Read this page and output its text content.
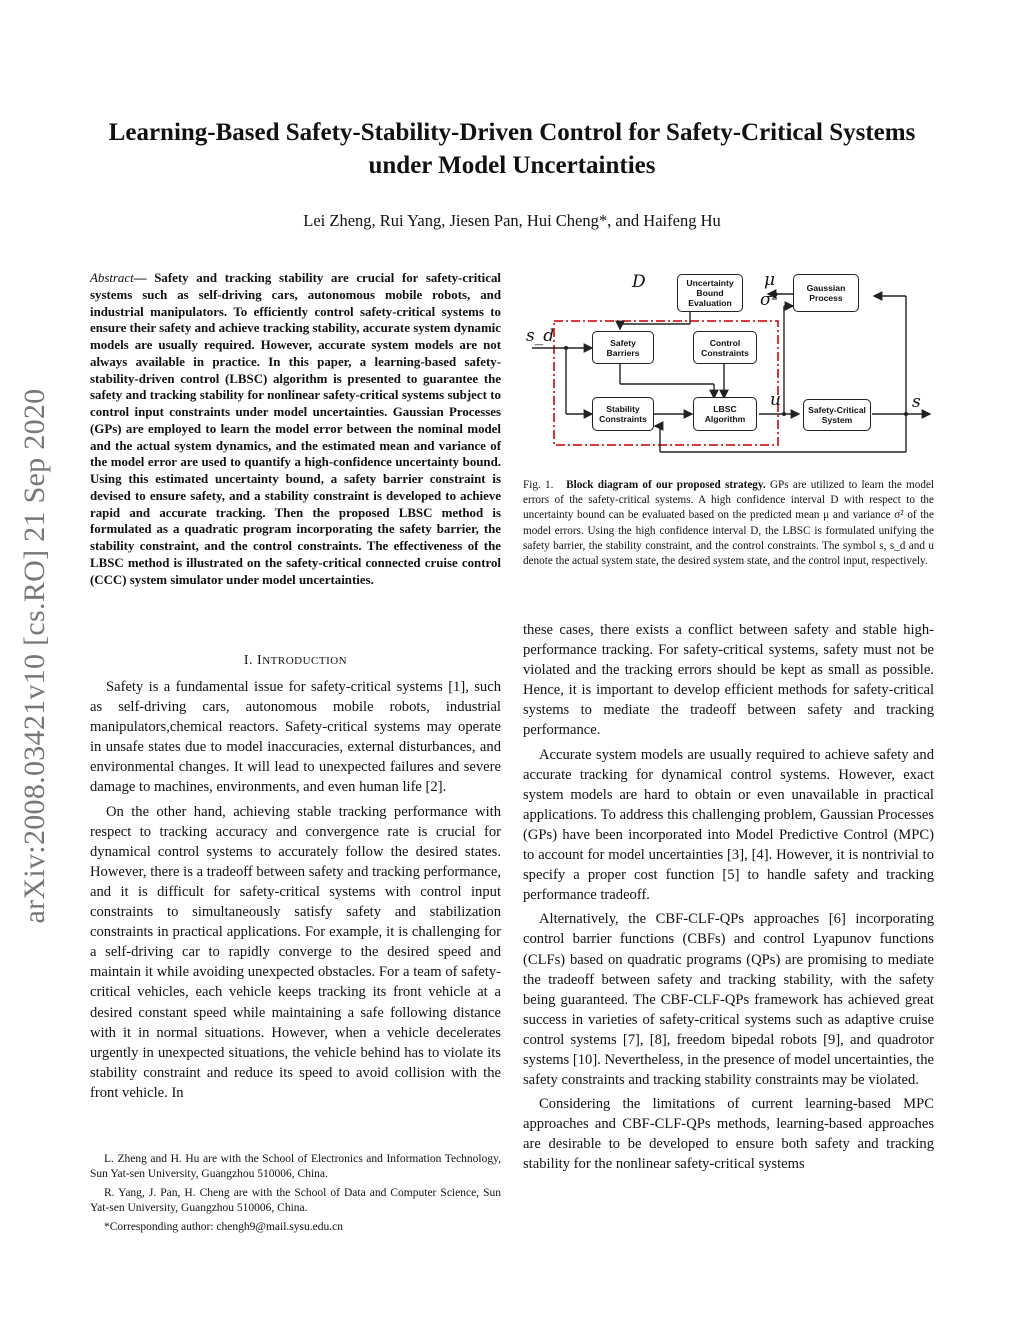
Learning-Based Safety-Stability-Driven Control for Safety-Critical Systems under Model Uncertainties
Lei Zheng, Rui Yang, Jiesen Pan, Hui Cheng*, and Haifeng Hu
arXiv:2008.03421v10 [cs.RO] 21 Sep 2020
Abstract— Safety and tracking stability are crucial for safety-critical systems such as self-driving cars, autonomous mobile robots, and industrial manipulators. To efficiently control safety-critical systems to ensure their safety and achieve tracking stability, accurate system dynamic models are usually required. However, accurate system models are not always available in practice. In this paper, a learning-based safety-stability-driven control (LBSC) algorithm is presented to guarantee the safety and tracking stability for nonlinear safety-critical systems subject to control input constraints under model uncertainties. Gaussian Processes (GPs) are employed to learn the model error between the nominal model and the actual system dynamics, and the estimated mean and variance of the model error are used to quantify a high-confidence uncertainty bound. Using this estimated uncertainty bound, a safety barrier constraint is devised to ensure safety, and a stability constraint is developed to achieve rapid and accurate tracking. Then the proposed LBSC method is formulated as a quadratic program incorporating the safety barrier, the stability constraint, and the control constraints. The effectiveness of the LBSC method is illustrated on the safety-critical connected cruise control (CCC) system simulator under model uncertainties.
I. INTRODUCTION

Safety is a fundamental issue for safety-critical systems [1], such as self-driving cars, autonomous mobile robots, industrial manipulators,chemical reactors. Safety-critical systems may operate in unsafe states due to model inaccuracies, external disturbances, and environmental changes. It will lead to unexpected failures and severe damage to machines, environments, and even human life [2].

On the other hand, achieving stable tracking performance with respect to tracking accuracy and convergence rate is crucial for dynamical control systems to accurately follow the desired states. However, there is a tradeoff between safety and tracking performance, and it is difficult for safety-critical systems with control input constraints to simultaneously satisfy safety and stabilization constraints in practical applications. For example, it is challenging for a self-driving car to rapidly converge to the desired speed and maintain it while avoiding unexpected obstacles. For a team of safety-critical vehicles, each vehicle keeps tracking its front vehicle at a desired constant speed while maintaining a safe following distance with it in normal situations. However, when a vehicle decelerates urgently in unexpected situations, the vehicle behind has to violate its stability constraint and reduce its speed to avoid collision with the front vehicle. In

L. Zheng and H. Hu are with the School of Electronics and Information Technology, Sun Yat-sen University, Guangzhou 510006, China.

R. Yang, J. Pan, H. Cheng are with the School of Data and Computer Science, Sun Yat-sen University, Guangzhou 510006, China.

*Corresponding author: chengh9@mail.sysu.edu.cn

D	μ
σ²
s_d
u	s
Uncertainty Bound Evaluation
Gaussian Process
Safety Barriers
Control Constraints
Stability Constraints
LBSC Algorithm
Safety-Critical System
Fig. 1. Block diagram of our proposed strategy. GPs are utilized to learn the model errors of the safety-critical systems. A high confidence interval D with respect to the uncertainty bound can be evaluated based on the predicted mean μ and variance σ² of the model errors. Using the high confidence interval D, the LBSC is formulated unifying the safety barrier, the stability constraint, and the control constraints. The symbol s, s_d and u denote the actual system state, the desired system state, and the control input, respectively.

these cases, there exists a conflict between safety and stable high-performance tracking. For safety-critical systems, safety must not be violated and the tracking errors should be kept as small as possible. Hence, it is important to develop efficient methods for safety-critical systems to mediate the tradeoff between safety and tracking performance.

Accurate system models are usually required to achieve safety and accurate tracking for dynamical control systems. However, exact system models are hard to obtain or even unavailable in practical applications. To address this challenging problem, Gaussian Processes (GPs) have been incorporated into Model Predictive Control (MPC) to account for model uncertainties [3], [4]. However, it is nontrivial to specify a proper cost function [5] to handle safety and tracking performance tradeoff.

Alternatively, the CBF-CLF-QPs approaches [6] incorporating control barrier functions (CBFs) and control Lyapunov functions (CLFs) based on quadratic programs (QPs) are promising to mediate the tradeoff between safety and tracking stability, with the safety being guaranteed. The CBF-CLF-QPs framework has achieved great success in varieties of safety-critical systems such as adaptive cruise control systems [7], [8], freedom bipedal robots [9], and quadrotor systems [10]. Nevertheless, in the presence of model uncertainties, the safety constraints and tracking stability constraints may be violated.

Considering the limitations of current learning-based MPC approaches and CBF-CLF-QPs methods, learning-based approaches are desirable to be developed to ensure both safety and tracking stability for the nonlinear safety-critical systems
